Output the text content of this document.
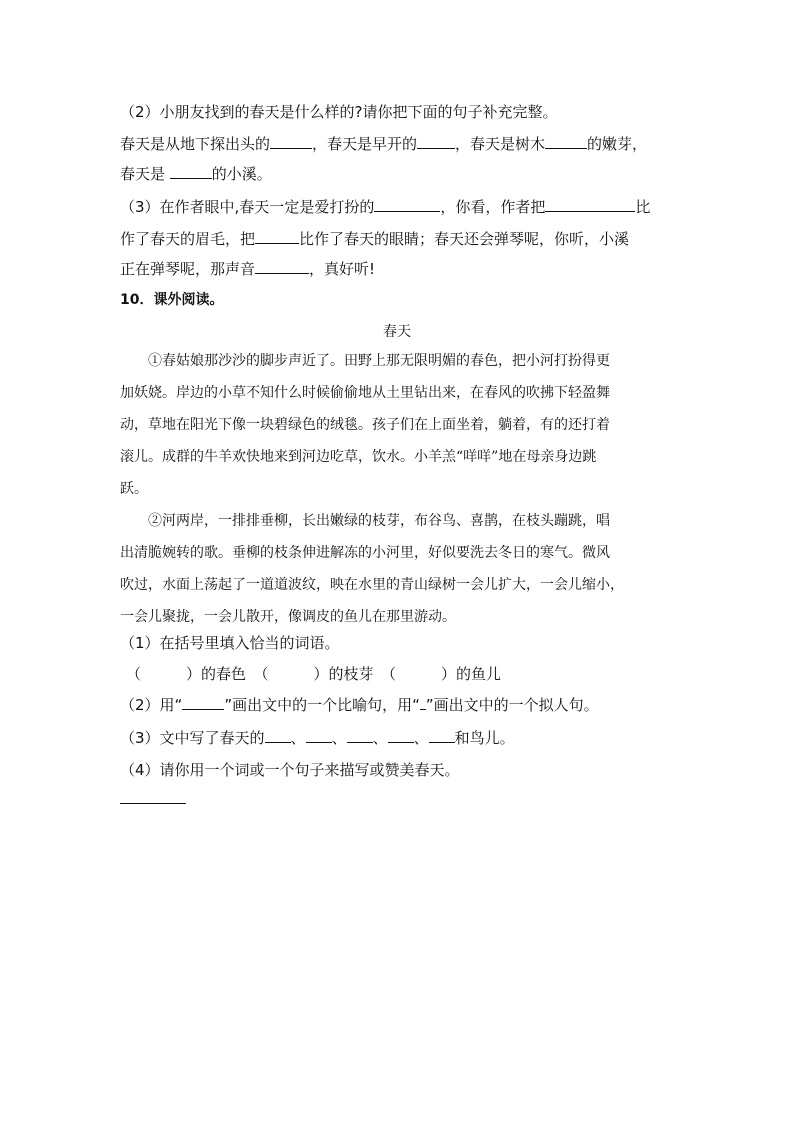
（2）小朋友找到的春天是什么样的?请你把下面的句子补充完整。
春天是从地下探出头的	，春天是早开的	，春天是树木	的嫩芽，
春天是	的小溪。
（3）在作者眼中,春天一定是爱打扮的	，你看，作者把	比
作了春天的眉毛，把	比作了春天的眼睛；春天还会弹琴呢，你听，小溪
正在弹琴呢，那声音	，真好听!
10．课外阅读。
春天
①春姑娘那沙沙的脚步声近了。田野上那无限明媚的春色，把小河打扮得更
加妖娆。岸边的小草不知什么时候偷偷地从土里钻出来，在春风的吹拂下轻盈舞
动，草地在阳光下像一块碧绿色的绒毯。孩子们在上面坐着，躺着，有的还打着
滚儿。成群的牛羊欢快地来到河边吃草，饮水。小羊羔“咩咩”地在母亲身边跳
跃。
②河两岸，一排排垂柳，长出嫩绿的枝芽，布谷鸟、喜鹊，在枝头蹦跳，唱
出清脆婉转的歌。垂柳的枝条伸进解冻的小河里，好似要洗去冬日的寒气。微风
吹过，水面上荡起了一道道波纹，映在水里的青山绿树一会儿扩大，一会儿缩小，
一会儿聚拢，一会儿散开，像调皮的鱼儿在那里游动。
（1）在括号里填入恰当的词语。
（　　　）的春色　（　　　）的枝芽　（　　　）的鱼儿
（2）用“	”画出文中的一个比喻句，用“ ”画出文中的一个拟人句。
（3）文中写了春天的 、 、 、 、 和鸟儿。
（4）请你用一个词或一个句子来描写或赞美春天。
